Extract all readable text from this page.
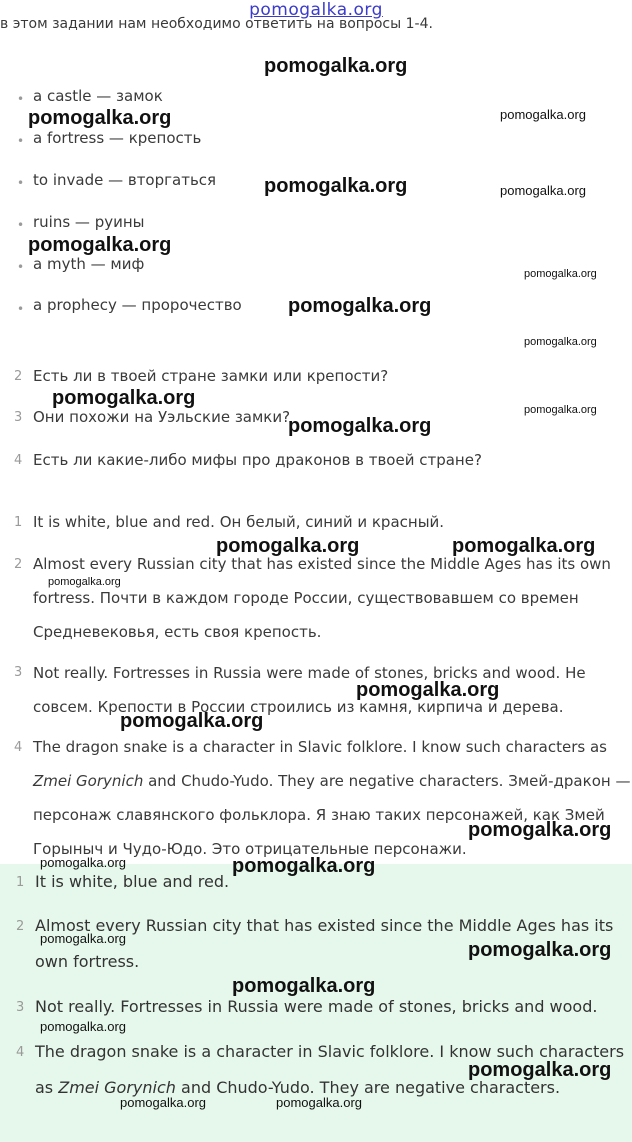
pomogalka.org
в этом задании нам необходимо ответить на вопросы 1-4.
• a castle — замок
• a fortress — крепость
• to invade — вторгаться
• ruins — руины
• a myth — миф
• a prophecy — пророчество
2 Есть ли в твоей стране замки или крепости?
3 Они похожи на Уэльские замки?
4 Есть ли какие-либо мифы про драконов в твоей стране?
1 It is white, blue and red. Он белый, синий и красный.
2 Almost every Russian city that has existed since the Middle Ages has its own fortress. Почти в каждом городе России, существовавшем со времен Средневековья, есть своя крепость.
3 Not really. Fortresses in Russia were made of stones, bricks and wood. Не совсем. Крепости в России строились из камня, кирпича и дерева.
4 The dragon snake is a character in Slavic folklore. I know such characters as Zmei Gorynich and Chudo-Yudo. They are negative characters. Змей-дракон — персонаж славянского фольклора. Я знаю таких персонажей, как Змей Горыныч и Чудо-Юдо. Это отрицательные персонажи.
1 It is white, blue and red.
2 Almost every Russian city that has existed since the Middle Ages has its own fortress.
3 Not really. Fortresses in Russia were made of stones, bricks and wood.
4 The dragon snake is a character in Slavic folklore. I know such characters as Zmei Gorynich and Chudo-Yudo. They are negative characters.
pomogalka.org
pomogalka.org	pomogalka.org
pomogalka.org	pomogalka.org
pomogalka.org
pomogalka.org
pomogalka.org
pomogalka.org
pomogalka.org
pomogalka.org
pomogalka.org
pomogalka.org	pomogalka.org
pomogalka.org
pomogalka.org
pomogalka.org
pomogalka.org
pomogalka.org	pomogalka.org
pomogalka.org
pomogalka.org
pomogalka.org
pomogalka.org
pomogalka.org
pomogalka.org	pomogalka.org
